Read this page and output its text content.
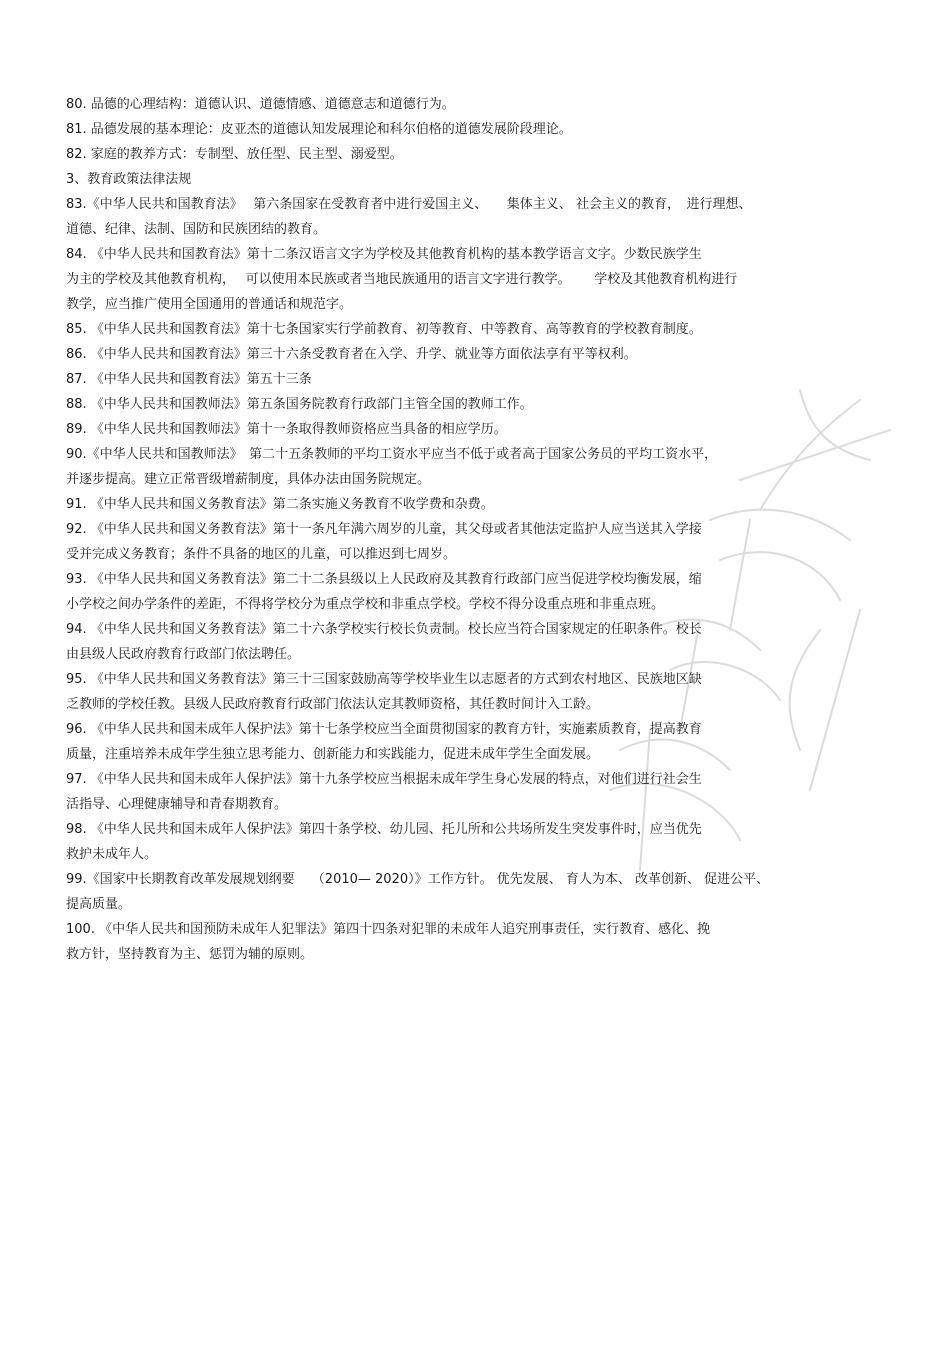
80. 品德的心理结构：道德认识、道德情感、道德意志和道德行为。
81. 品德发展的基本理论：皮亚杰的道德认知发展理论和科尔伯格的道德发展阶段理论。
82. 家庭的教养方式：专制型、放任型、民主型、溺爱型。
3、教育政策法律法规
83.《中华人民共和国教育法》　 第六条国家在受教育者中进行爱国主义、　　集体主义、 社会主义的教育，　进行理想、
道德、纪律、法制、国防和民族团结的教育。
84. 《中华人民共和国教育法》第十二条汉语言文字为学校及其他教育机构的基本教学语言文字。少数民族学生
为主的学校及其他教育机构，　 可以使用本民族或者当地民族通用的语言文字进行教学。　　 学校及其他教育机构进行
教学，应当推广使用全国通用的普通话和规范字。
85. 《中华人民共和国教育法》第十七条国家实行学前教育、初等教育、中等教育、高等教育的学校教育制度。
86. 《中华人民共和国教育法》第三十六条受教育者在入学、升学、就业等方面依法享有平等权利。
87. 《中华人民共和国教育法》第五十三条
88. 《中华人民共和国教师法》第五条国务院教育行政部门主管全国的教师工作。
89. 《中华人民共和国教师法》第十一条取得教师资格应当具备的相应学历。
90.《中华人民共和国教师法》　第二十五条教师的平均工资水平应当不低于或者高于国家公务员的平均工资水平，
并逐步提高。建立正常晋级增薪制度，具体办法由国务院规定。
91. 《中华人民共和国义务教育法》第二条实施义务教育不收学费和杂费。
92. 《中华人民共和国义务教育法》第十一条凡年满六周岁的儿童，其父母或者其他法定监护人应当送其入学接
受并完成义务教育；条件不具备的地区的儿童，可以推迟到七周岁。
93. 《中华人民共和国义务教育法》第二十二条县级以上人民政府及其教育行政部门应当促进学校均衡发展，缩
小学校之间办学条件的差距，不得将学校分为重点学校和非重点学校。学校不得分设重点班和非重点班。
94. 《中华人民共和国义务教育法》第二十六条学校实行校长负责制。校长应当符合国家规定的任职条件。校长
由县级人民政府教育行政部门依法聘任。
95. 《中华人民共和国义务教育法》第三十三国家鼓励高等学校毕业生以志愿者的方式到农村地区、民族地区缺
乏教师的学校任教。县级人民政府教育行政部门依法认定其教师资格，其任教时间计入工龄。
96. 《中华人民共和国未成年人保护法》第十七条学校应当全面贯彻国家的教育方针，实施素质教育，提高教育
质量，注重培养未成年学生独立思考能力、创新能力和实践能力，促进未成年学生全面发展。
97. 《中华人民共和国未成年人保护法》第十九条学校应当根据未成年学生身心发展的特点，对他们进行社会生
活指导、心理健康辅导和青春期教育。
98. 《中华人民共和国未成年人保护法》第四十条学校、幼儿园、托儿所和公共场所发生突发事件时，应当优先
救护未成年人。
99.《国家中长期教育改革发展规划纲要　 （2010— 2020）》工作方针。 优先发展、 育人为本、 改革创新、 促进公平、
提高质量。
100. 《中华人民共和国预防未成年人犯罪法》第四十四条对犯罪的未成年人追究刑事责任，实行教育、感化、挽
救方针，坚持教育为主、惩罚为辅的原则。
